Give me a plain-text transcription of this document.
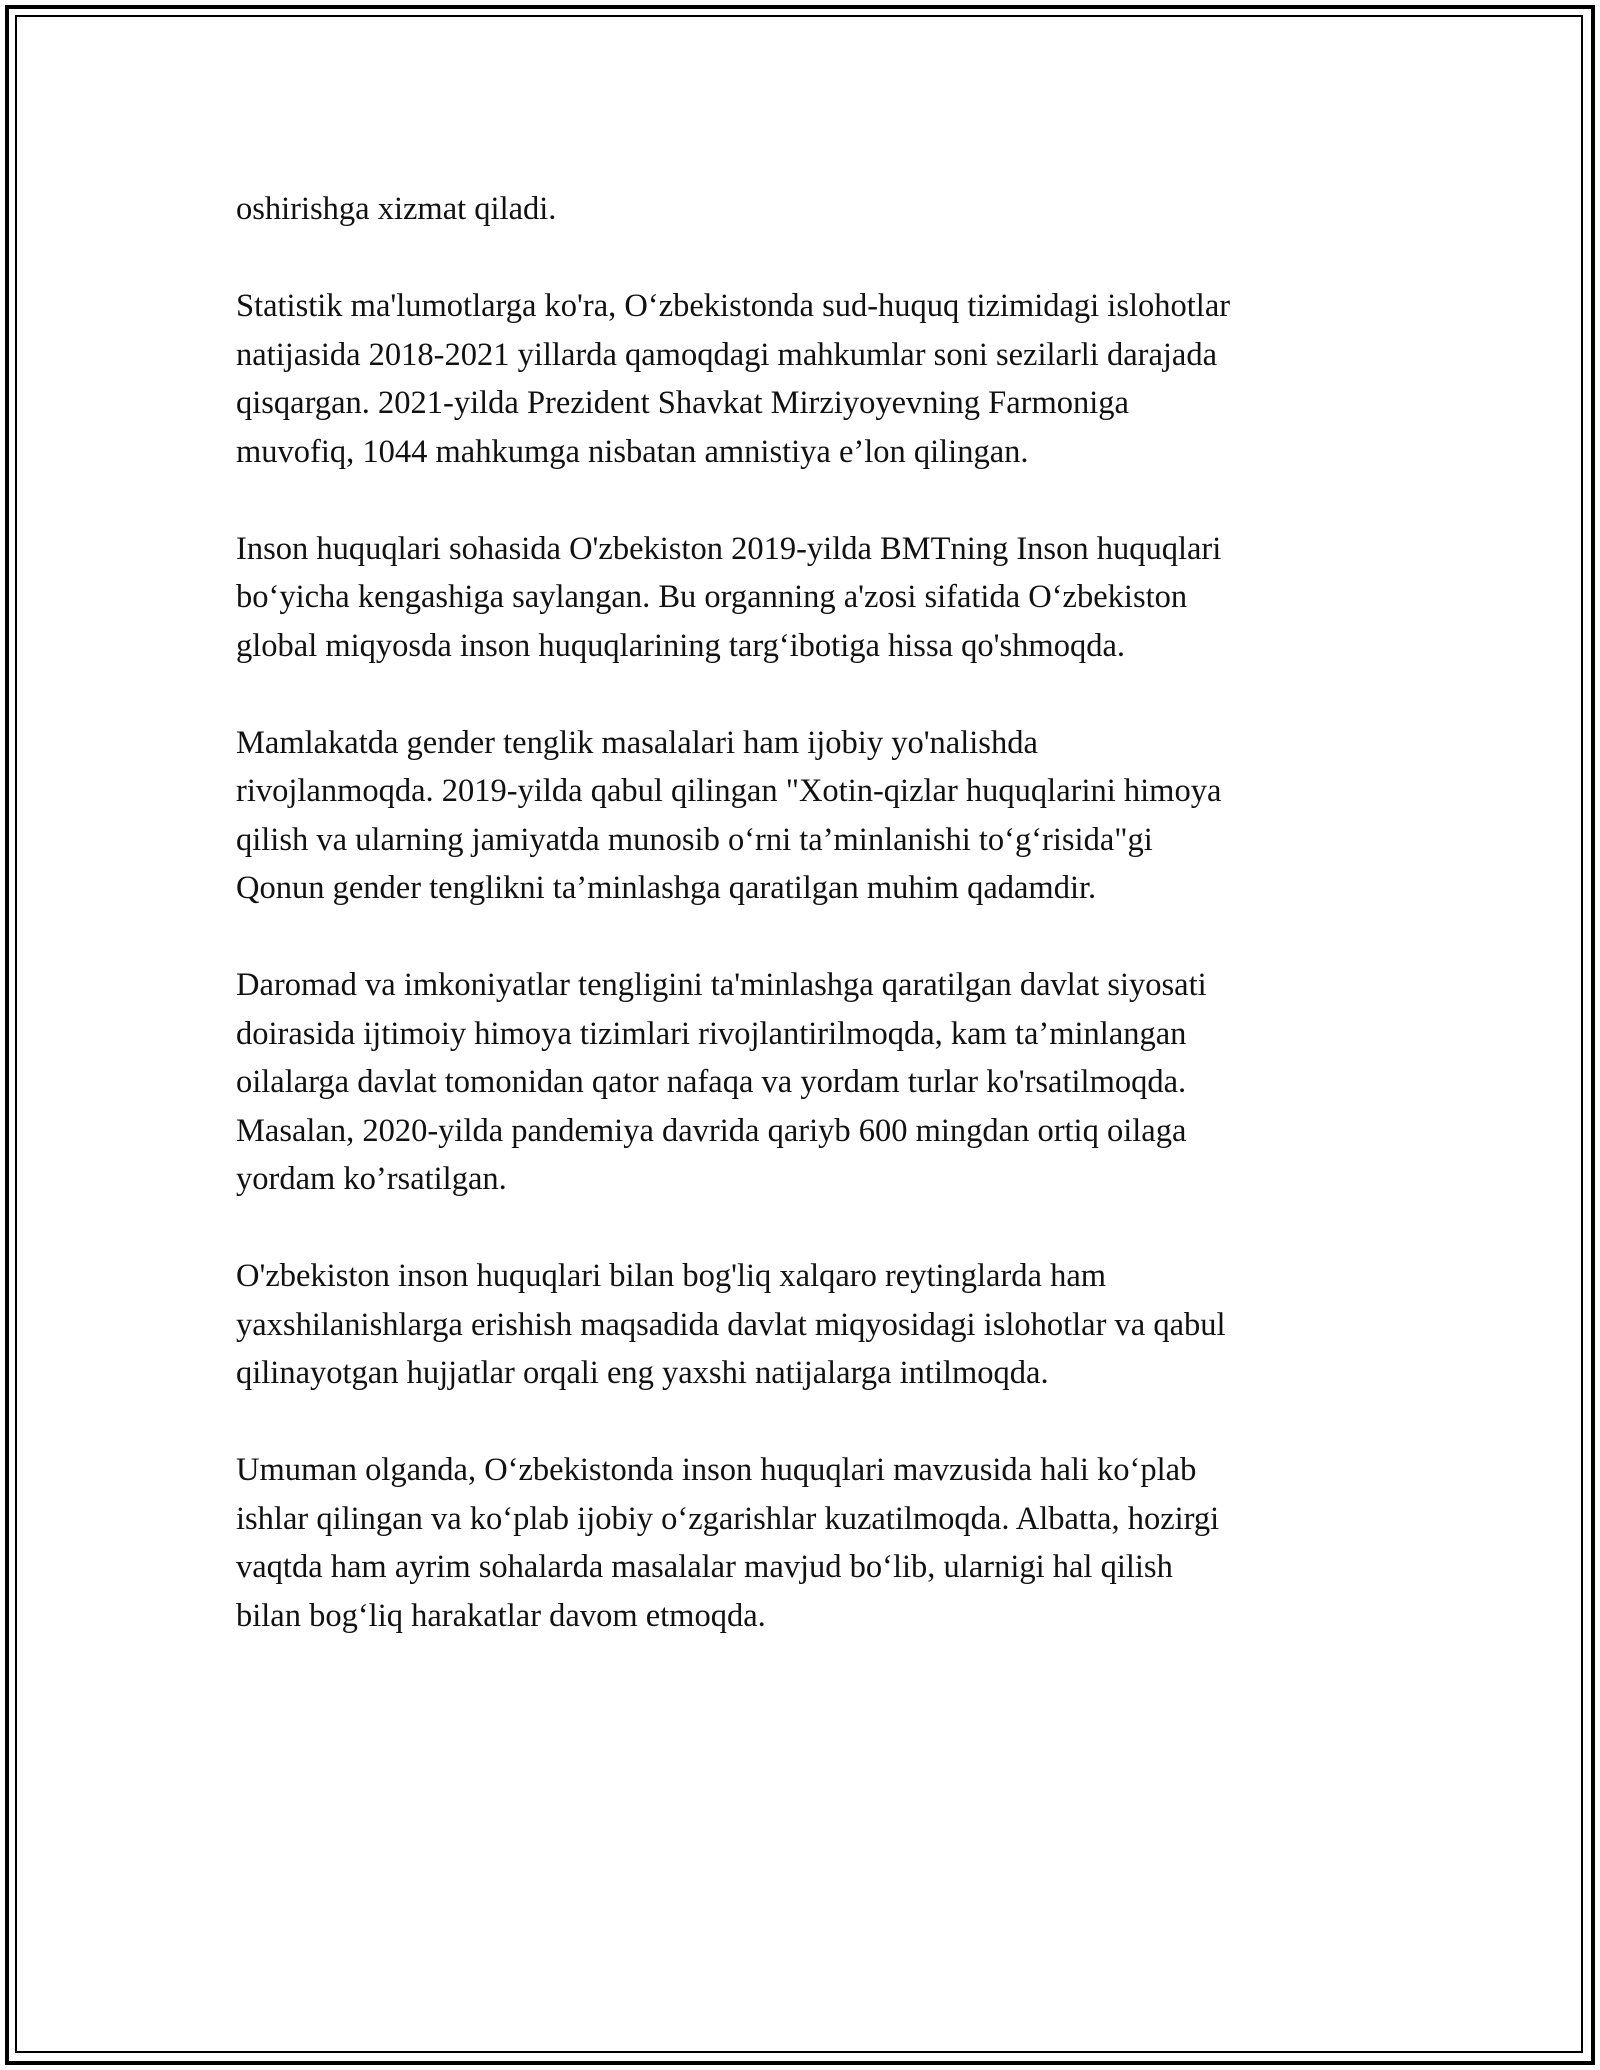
oshirishga xizmat qiladi.

Statistik ma'lumotlarga ko'ra, O‘zbekistonda sud-huquq tizimidagi islohotlar
natijasida 2018-2021 yillarda qamoqdagi mahkumlar soni sezilarli darajada
qisqargan. 2021-yilda Prezident Shavkat Mirziyoyevning Farmoniga
muvofiq, 1044 mahkumga nisbatan amnistiya e’lon qilingan.

Inson huquqlari sohasida O'zbekiston 2019-yilda BMTning Inson huquqlari
bo‘yicha kengashiga saylangan. Bu organning a'zosi sifatida O‘zbekiston
global miqyosda inson huquqlarining targ‘ibotiga hissa qo'shmoqda.

Mamlakatda gender tenglik masalalari ham ijobiy yo'nalishda
rivojlanmoqda. 2019-yilda qabul qilingan "Xotin-qizlar huquqlarini himoya
qilish va ularning jamiyatda munosib o‘rni ta’minlanishi to‘g‘risida"gi
Qonun gender tenglikni ta’minlashga qaratilgan muhim qadamdir.

Daromad va imkoniyatlar tengligini ta'minlashga qaratilgan davlat siyosati
doirasida ijtimoiy himoya tizimlari rivojlantirilmoqda, kam ta’minlangan
oilalarga davlat tomonidan qator nafaqa va yordam turlar ko'rsatilmoqda.
Masalan, 2020-yilda pandemiya davrida qariyb 600 mingdan ortiq oilaga
yordam ko’rsatilgan.

O'zbekiston inson huquqlari bilan bog'liq xalqaro reytinglarda ham
yaxshilanishlarga erishish maqsadida davlat miqyosidagi islohotlar va qabul
qilinayotgan hujjatlar orqali eng yaxshi natijalarga intilmoqda.

Umuman olganda, O‘zbekistonda inson huquqlari mavzusida hali ko‘plab
ishlar qilingan va ko‘plab ijobiy o‘zgarishlar kuzatilmoqda. Albatta, hozirgi
vaqtda ham ayrim sohalarda masalalar mavjud bo‘lib, ularnigi hal qilish
bilan bog‘liq harakatlar davom etmoqda.
